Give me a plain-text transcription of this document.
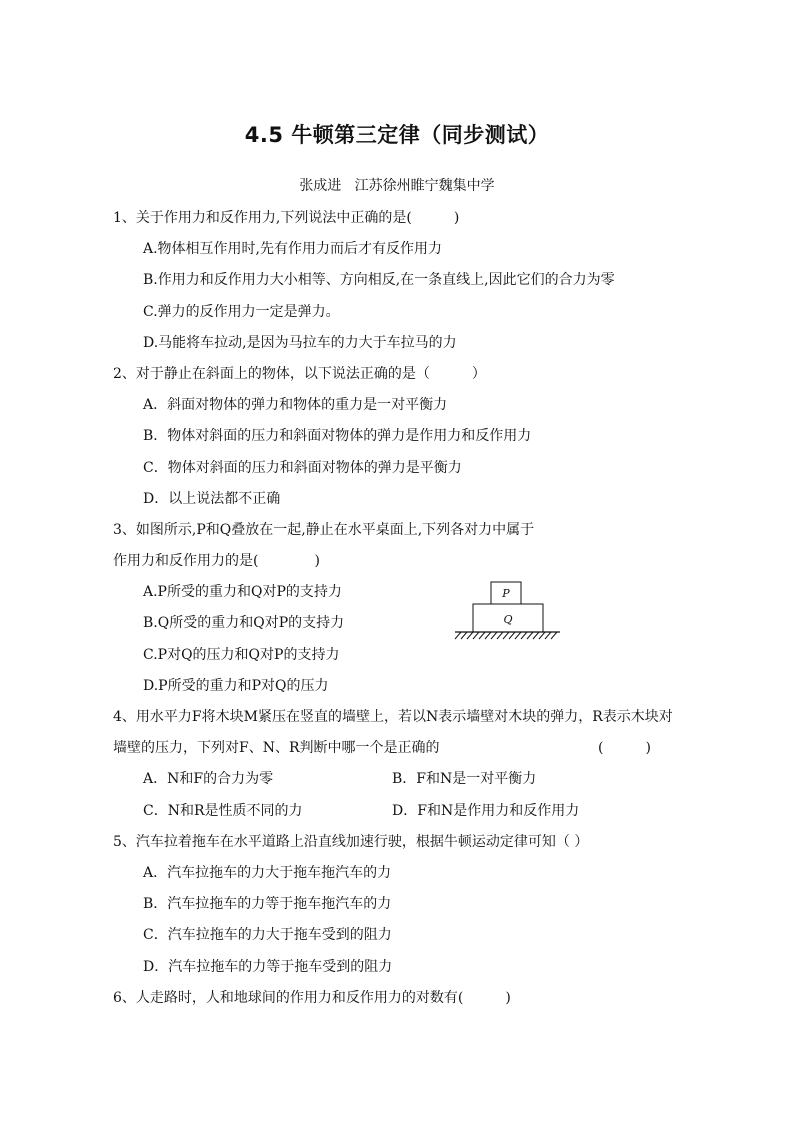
4.5 牛顿第三定律（同步测试）
张成进   江苏徐州睢宁魏集中学
1、关于作用力和反作用力,下列说法中正确的是(　　　)
A.物体相互作用时,先有作用力而后才有反作用力
B.作用力和反作用力大小相等、方向相反,在一条直线上,因此它们的合力为零
C.弹力的反作用力一定是弹力。
D.马能将车拉动,是因为马拉车的力大于车拉马的力
2、对于静止在斜面上的物体，以下说法正确的是（　　　）
A．斜面对物体的弹力和物体的重力是一对平衡力
B．物体对斜面的压力和斜面对物体的弹力是作用力和反作用力
C．物体对斜面的压力和斜面对物体的弹力是平衡力
D．以上说法都不正确
3、如图所示,P和Q叠放在一起,静止在水平桌面上,下列各对力中属于
作用力和反作用力的是(　　　　)
A.P所受的重力和Q对P的支持力
B.Q所受的重力和Q对P的支持力
C.P对Q的压力和Q对P的支持力
D.P所受的重力和P对Q的压力
4、用水平力F将木块M紧压在竖直的墙壁上，若以N表示墙壁对木块的弹力，R表示木块对
墙壁的压力，下列对F、N、R判断中哪一个是正确的	(　　　)
A．N和F的合力为零	B．F和N是一对平衡力
C．N和R是性质不同的力	D．F和N是作用力和反作用力
5、汽车拉着拖车在水平道路上沿直线加速行驶，根据牛顿运动定律可知（ ）
A．汽车拉拖车的力大于拖车拖汽车的力
B．汽车拉拖车的力等于拖车拖汽车的力
C．汽车拉拖车的力大于拖车受到的阻力
D．汽车拉拖车的力等于拖车受到的阻力
6、人走路时，人和地球间的作用力和反作用力的对数有(　　　)
P
Q
